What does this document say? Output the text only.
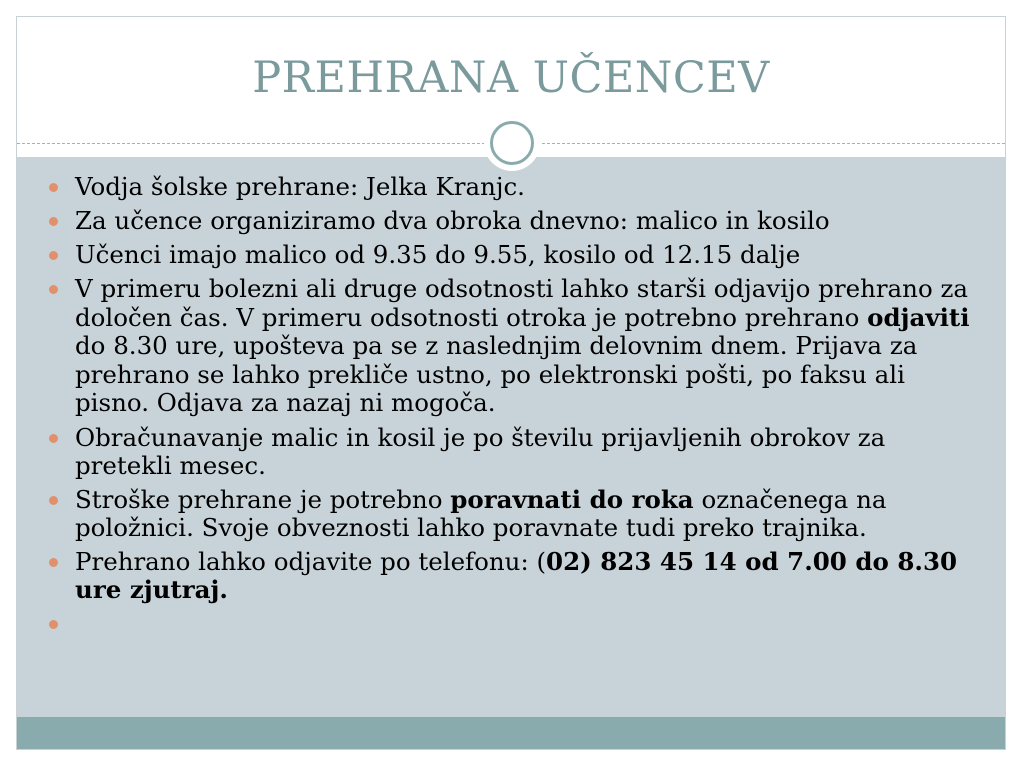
PREHRANA UČENCEV
Vodja šolske prehrane: Jelka Kranjc.
Za učence organiziramo dva obroka dnevno: malico in kosilo
Učenci imajo malico od 9.35 do 9.55, kosilo od 12.15 dalje
V primeru bolezni ali druge odsotnosti lahko starši odjavijo prehrano za določen čas. V primeru odsotnosti otroka je potrebno prehrano odjaviti do 8.30 ure, upošteva pa se z naslednjim delovnim dnem. Prijava za prehrano se lahko prekliče ustno, po elektronski pošti, po faksu ali pisno. Odjava za nazaj ni mogoča.
Obračunavanje malic in kosil je po številu prijavljenih obrokov za pretekli mesec.
Stroške prehrane je potrebno poravnati do roka označenega na položnici. Svoje obveznosti lahko poravnate tudi preko trajnika.
Prehrano lahko odjavite po telefonu: (02) 823 45 14 od 7.00 do 8.30 ure zjutraj.
